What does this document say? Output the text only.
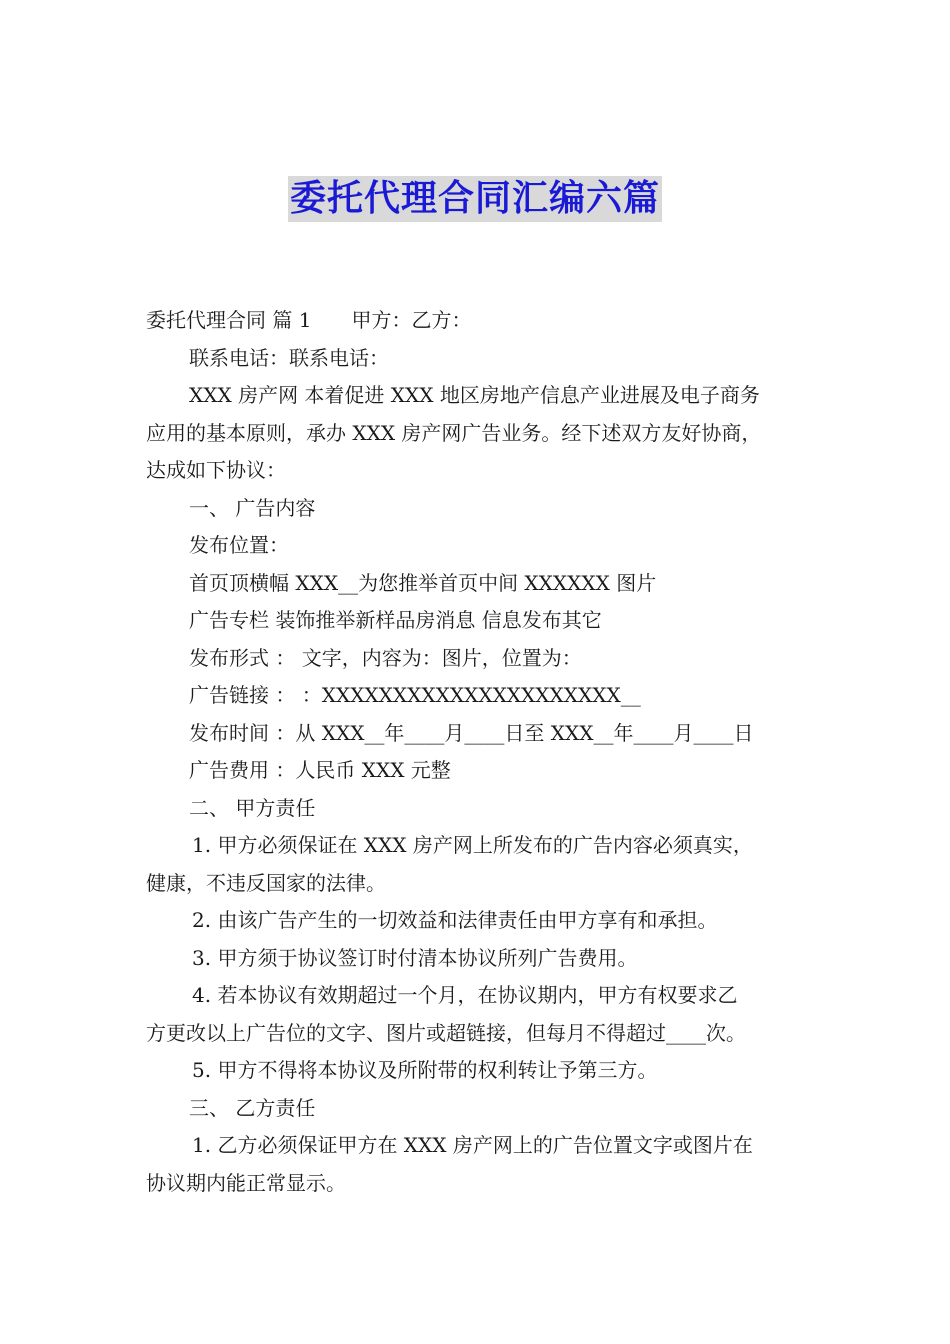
委托代理合同汇编六篇
委托代理合同 篇 1 甲方：乙方：
联系电话：联系电话：
XXX 房产网 本着促进 XXX 地区房地产信息产业进展及电子商务
应用的基本原则，承办 XXX 房产网广告业务。经下述双方友好协商，
达成如下协议：
一、 广告内容
发布位置：
首页顶横幅 XXX__为您推举首页中间 XXXXXX 图片
广告专栏 装饰推举新样品房消息 信息发布其它
发布形式 ： 文字，内容为：图片，位置为：
广告链接 ： ：XXXXXXXXXXXXXXXXXXXXX__
发布时间 ：从 XXX__年____月____日至 XXX__年____月____日
广告费用 ：人民币 XXX 元整
二、 甲方责任
1. 甲方必须保证在 XXX 房产网上所发布的广告内容必须真实，
健康，不违反国家的法律。
2. 由该广告产生的一切效益和法律责任由甲方享有和承担。
3. 甲方须于协议签订时付清本协议所列广告费用。
4. 若本协议有效期超过一个月，在协议期内，甲方有权要求乙
方更改以上广告位的文字、图片或超链接，但每月不得超过____次。
5. 甲方不得将本协议及所附带的权利转让予第三方。
三、 乙方责任
1. 乙方必须保证甲方在 XXX 房产网上的广告位置文字或图片在
协议期内能正常显示。
